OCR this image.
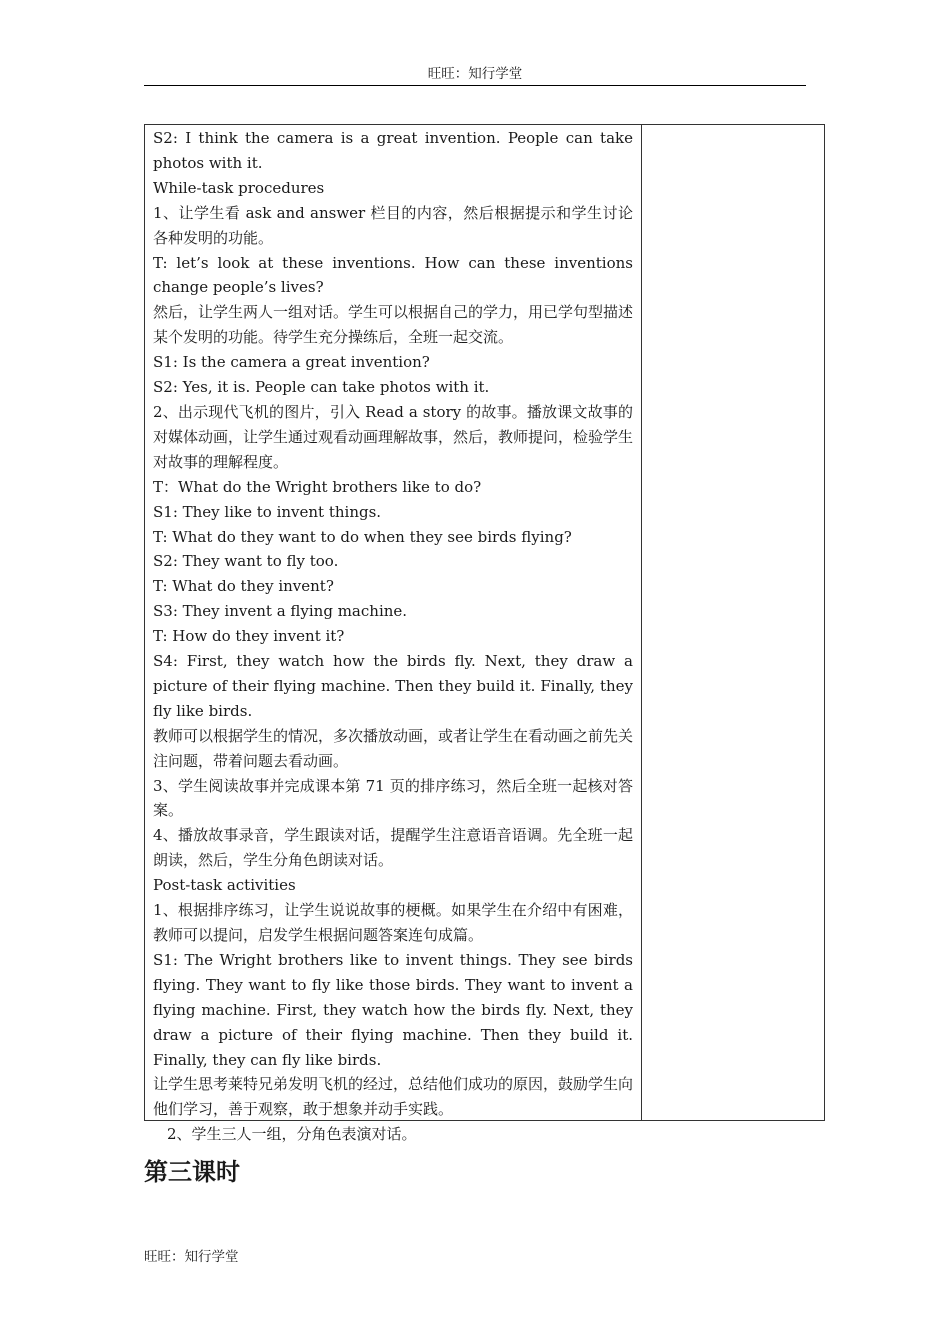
旺旺：知行学堂

S2: I think the camera is a great invention. People can take photos with it.

While-task procedures

1、让学生看 ask and answer 栏目的内容，然后根据提示和学生讨论各种发明的功能。

T: let’s look at these inventions. How can these inventions change people’s lives?

然后，让学生两人一组对话。学生可以根据自己的学力，用已学句型描述某个发明的功能。待学生充分操练后，全班一起交流。

S1: Is the camera a great invention?

S2: Yes, it is. People can take photos with it.

2、出示现代飞机的图片，引入 Read a story 的故事。播放课文故事的对媒体动画，让学生通过观看动画理解故事，然后，教师提问，检验学生对故事的理解程度。

T：What do the Wright brothers like to do?

S1: They like to invent things.

T: What do they want to do when they see birds flying?

S2: They want to fly too.

T: What do they invent?

S3: They invent a flying machine.

T: How do they invent it?

S4: First, they watch how the birds fly. Next, they draw a picture of their flying machine. Then they build it. Finally, they fly like birds.

教师可以根据学生的情况，多次播放动画，或者让学生在看动画之前先关注问题，带着问题去看动画。

3、学生阅读故事并完成课本第 71 页的排序练习，然后全班一起核对答案。

4、播放故事录音，学生跟读对话，提醒学生注意语音语调。先全班一起朗读，然后，学生分角色朗读对话。

Post-task activities

1、根据排序练习，让学生说说故事的梗概。如果学生在介绍中有困难，教师可以提问，启发学生根据问题答案连句成篇。

S1: The Wright brothers like to invent things. They see birds flying. They want to fly like those birds. They want to invent a flying machine. First, they watch how the birds fly. Next, they draw a picture of their flying machine. Then they build it. Finally, they can fly like birds.

让学生思考莱特兄弟发明飞机的经过，总结他们成功的原因，鼓励学生向他们学习，善于观察，敢于想象并动手实践。

2、学生三人一组，分角色表演对话。

第三课时
旺旺：知行学堂
